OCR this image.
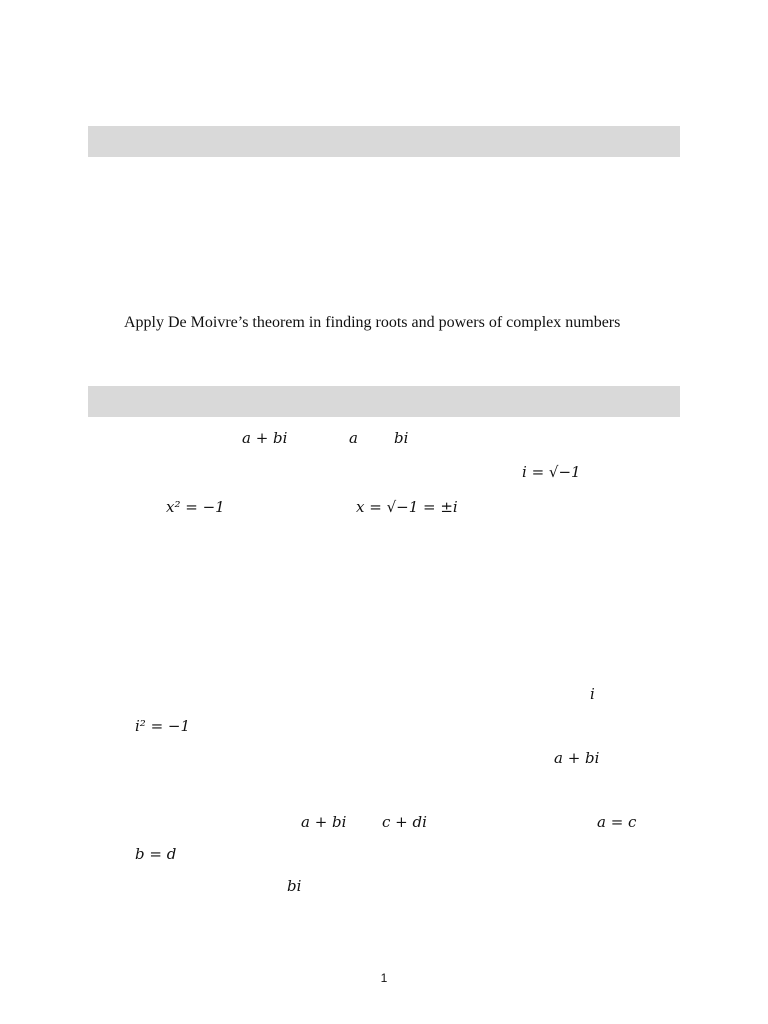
Apply De Moivre’s theorem in finding roots and powers of complex numbers
a + bi	a bi
i = √−1
x² = −1	x = √−1 = ±i
i
i² = −1
a + bi
a + bi c + di	a = c
b = d
bi
1
